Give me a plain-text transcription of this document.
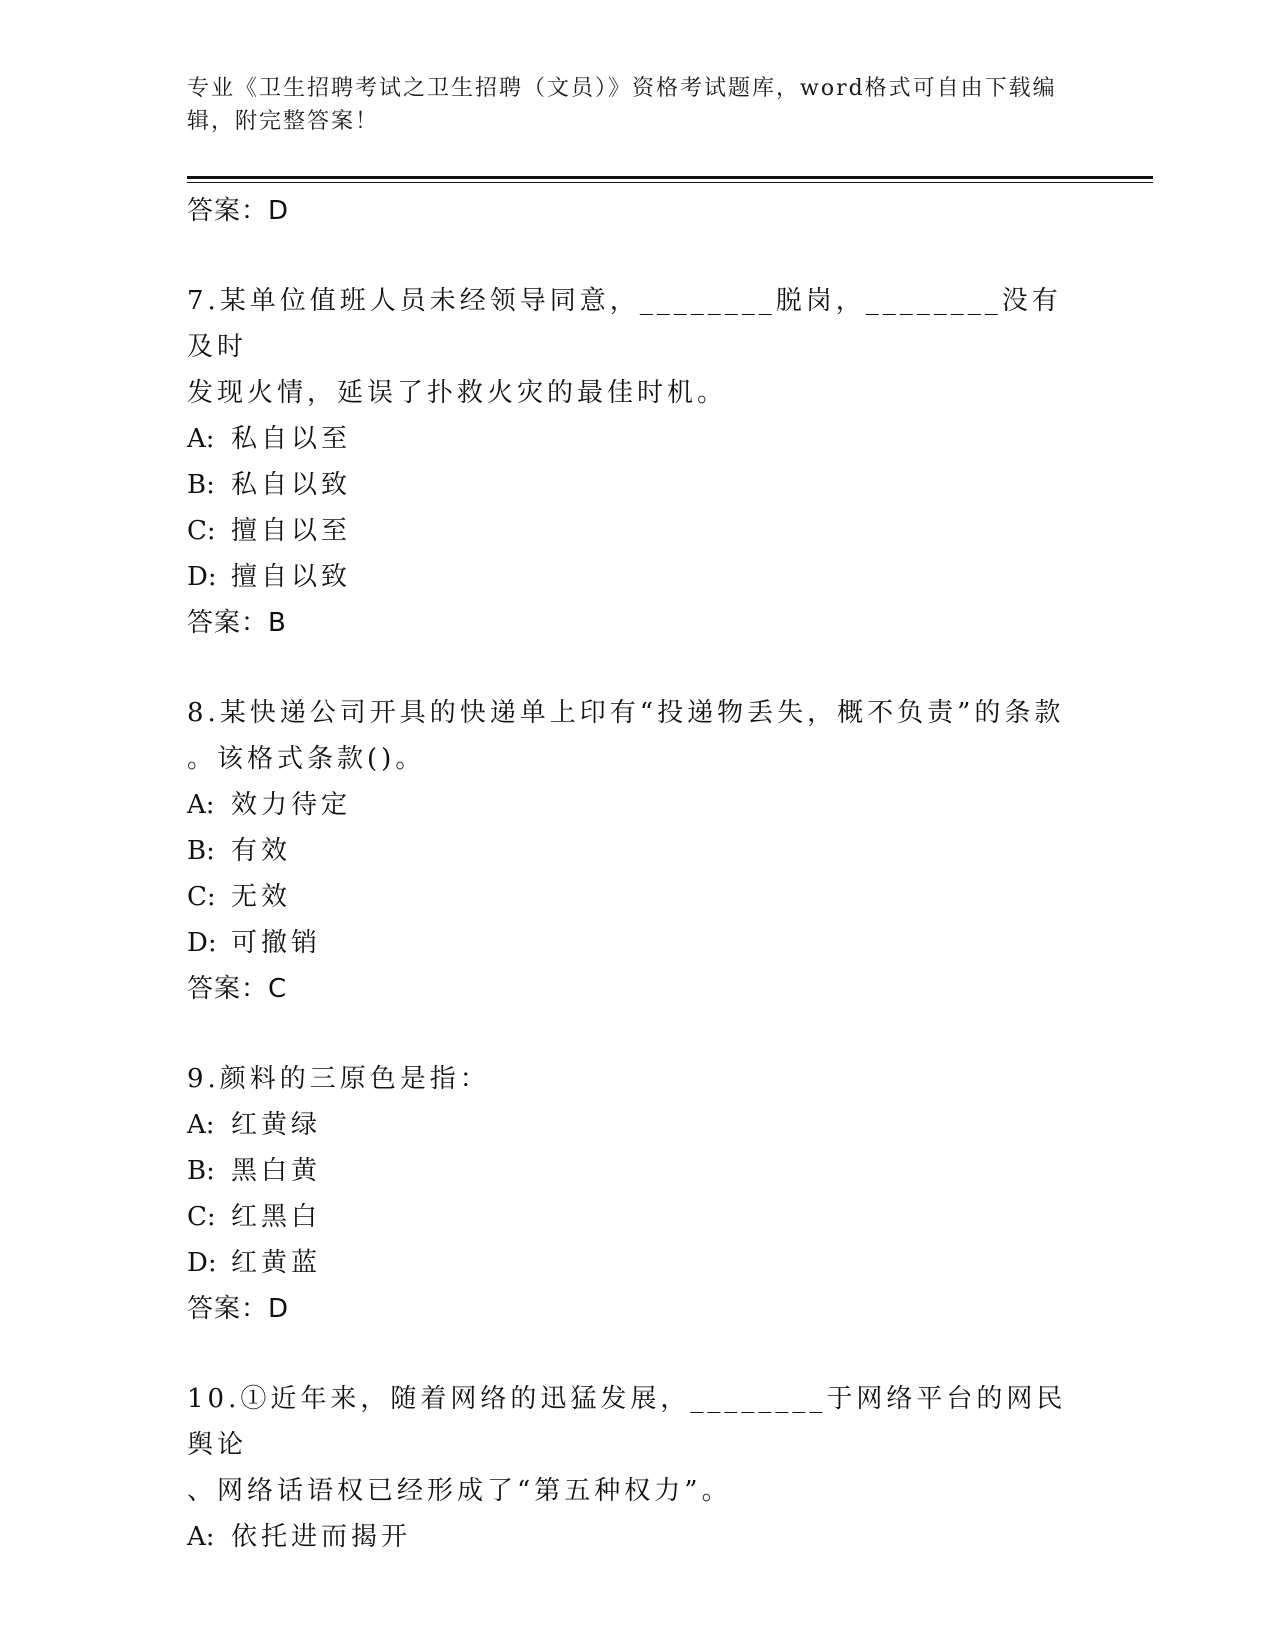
专业《卫生招聘考试之卫生招聘（文员）》资格考试题库，word格式可自由下载编辑，附完整答案！
答案：D
7.某单位值班人员未经领导同意，________脱岗，________没有及时
发现火情，延误了扑救火灾的最佳时机。
A: 私自以至
B: 私自以致
C: 擅自以至
D: 擅自以致
答案：B
8.某快递公司开具的快递单上印有“投递物丢失，概不负责”的条款
。该格式条款()。
A: 效力待定
B: 有效
C: 无效
D: 可撤销
答案：C
9.颜料的三原色是指：
A: 红黄绿
B: 黑白黄
C: 红黑白
D: 红黄蓝
答案：D
10.①近年来，随着网络的迅猛发展，________于网络平台的网民舆论
、网络话语权已经形成了“第五种权力”。
A: 依托进而揭开
